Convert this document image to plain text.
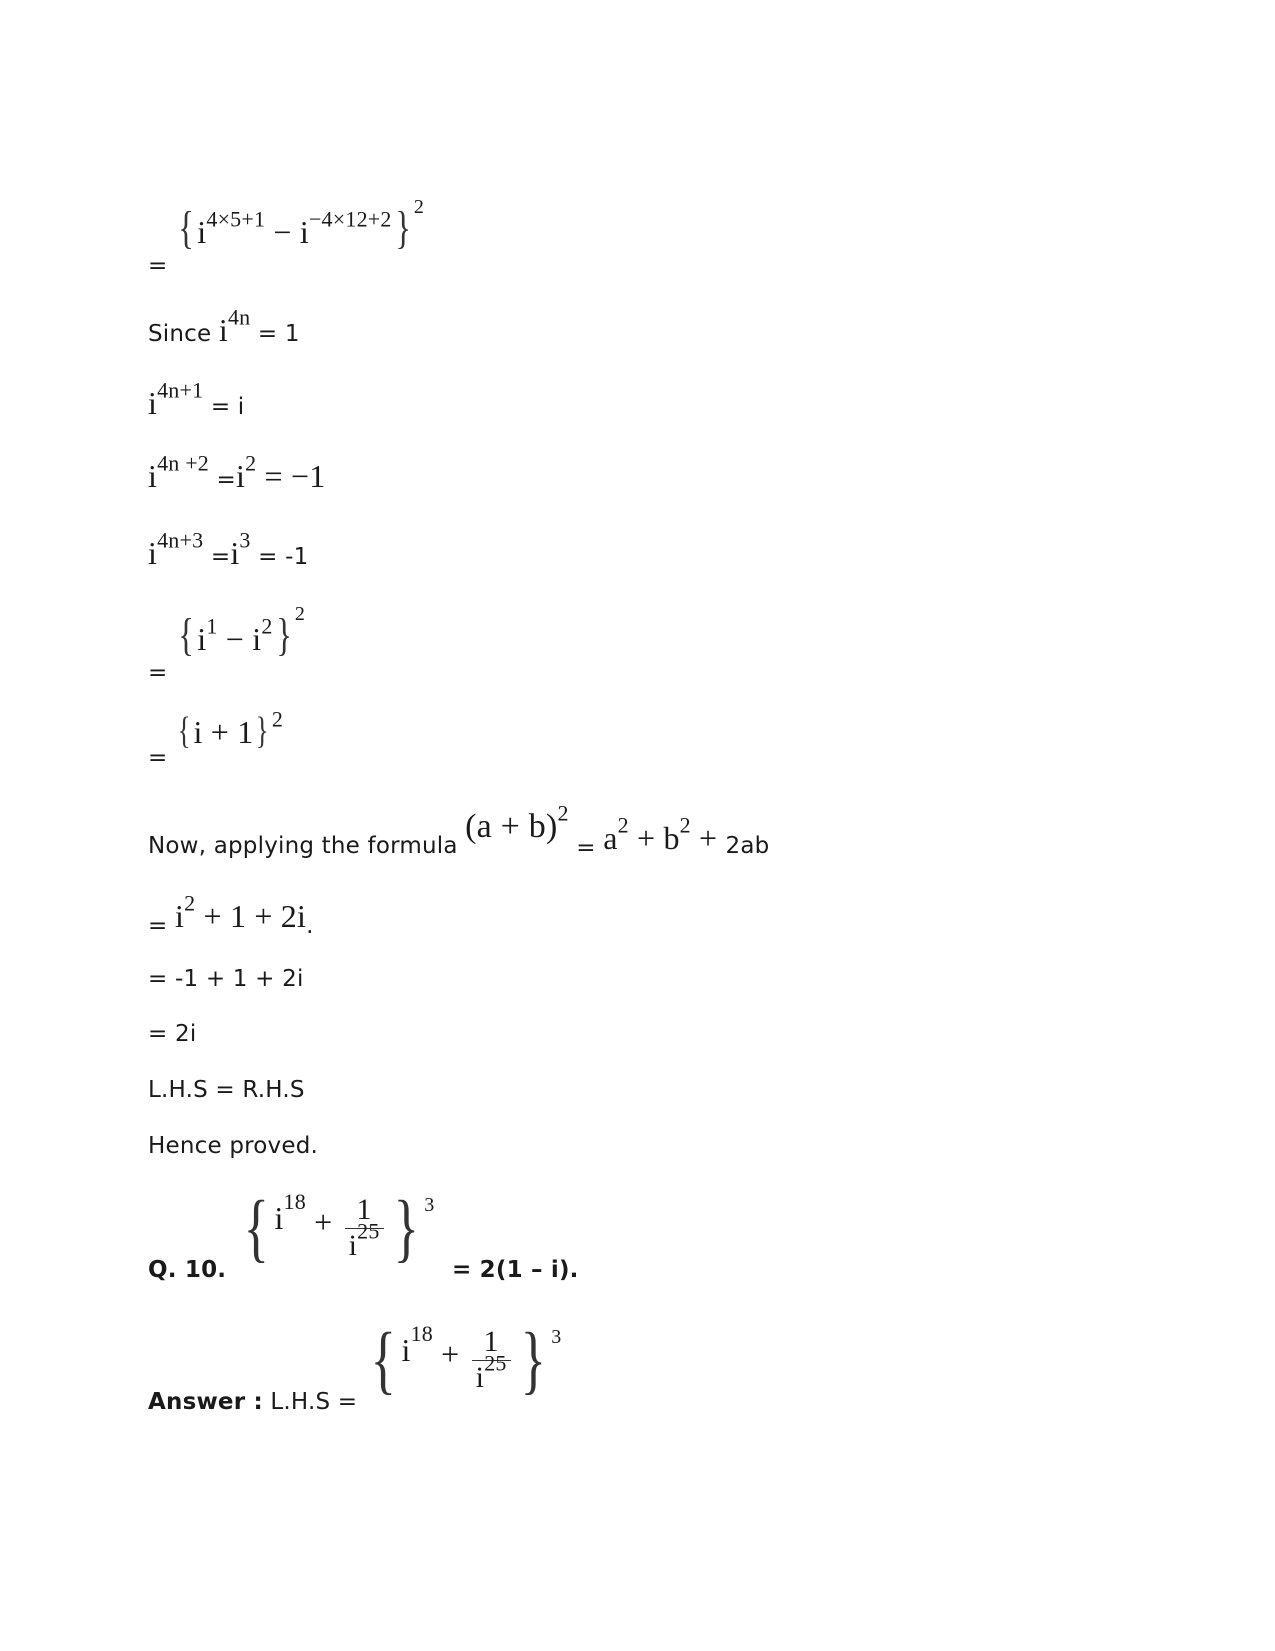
= { $i^{4\times 5+1} - i^{-4\times 12+2}$} $^2$
Since $i^{4n} = 1$
$i^{4n+1} = i$
$i^{4n +2} =i^2 = -1$
$i^{4n+3} =i^3 = -1$
= { $i^1 - i^2$} $^2$
= {i + 1} $^2$
Now, applying the formula $(a + b)^2 = a^2 + b^2 + 2ab$
= $i^2 + 1 + 2i$.
= -1 + 1 + 2i
= 2i
L.H.S = R.H.S
Hence proved.
Q. 10. { $i^{18} + \frac{1}{i^{25}}$ } $^3$ = 2(1 – i).
Answer : L.H.S = { $i^{18} + \frac{1}{i^{25}}$ } $^3$
